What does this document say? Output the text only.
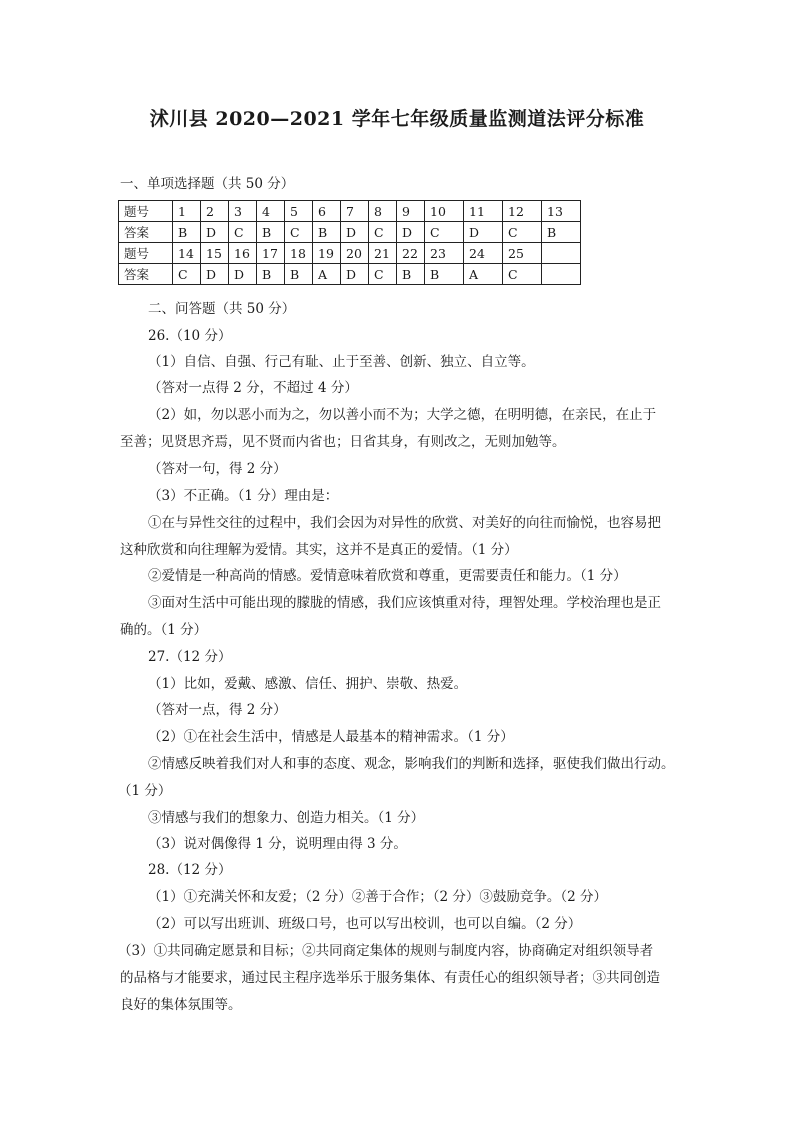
沭川县 2020—2021 学年七年级质量监测道法评分标准
一、单项选择题（共 50 分）
题号	1	2	3	4	5	6	7	8	9	10	11	12	13
答案	B	D	C	B	C	B	D	C	D	C	D	C	B
题号	14	15	16	17	18	19	20	21	22	23	24	25	
答案	C	D	D	B	B	A	D	C	B	B	A	C	
二、问答题（共 50 分）
26.（10 分）
（1）自信、自强、行己有耻、止于至善、创新、独立、自立等。
（答对一点得 2 分，不超过 4 分）
（2）如，勿以恶小而为之，勿以善小而不为；大学之德，在明明德，在亲民，在止于
至善；见贤思齐焉，见不贤而内省也；日省其身，有则改之，无则加勉等。
（答对一句，得 2 分）
（3）不正确。（1 分）理由是：
①在与异性交往的过程中，我们会因为对异性的欣赏、对美好的向往而愉悦，也容易把
这种欣赏和向往理解为爱情。其实，这并不是真正的爱情。（1 分）
②爱情是一种高尚的情感。爱情意味着欣赏和尊重，更需要责任和能力。（1 分）
③面对生活中可能出现的朦胧的情感，我们应该慎重对待，理智处理。学校治理也是正
确的。（1 分）
27.（12 分）
（1）比如，爱戴、感激、信任、拥护、崇敬、热爱。
（答对一点，得 2 分）
（2）①在社会生活中，情感是人最基本的精神需求。（1 分）
②情感反映着我们对人和事的态度、观念，影响我们的判断和选择，驱使我们做出行动。
（1 分）
③情感与我们的想象力、创造力相关。（1 分）
（3）说对偶像得 1 分，说明理由得 3 分。
28.（12 分）
（1）①充满关怀和友爱；（2 分）②善于合作；（2 分）③鼓励竞争。（2 分）
（2）可以写出班训、班级口号，也可以写出校训，也可以自编。（2 分）
（3）①共同确定愿景和目标；②共同商定集体的规则与制度内容，协商确定对组织领导者
的品格与才能要求，通过民主程序选举乐于服务集体、有责任心的组织领导者；③共同创造
良好的集体氛围等。
